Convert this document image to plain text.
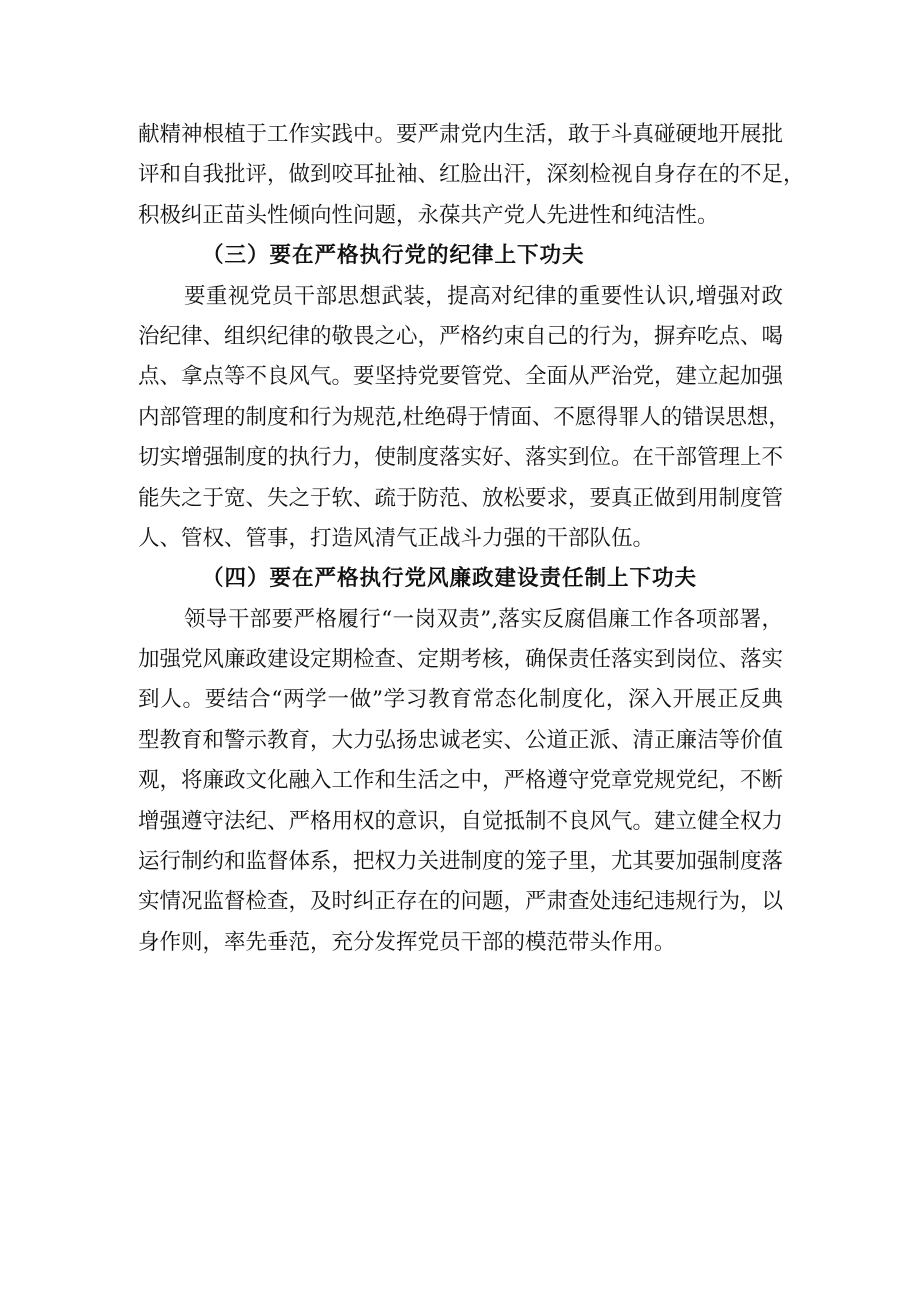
献精神根植于工作实践中。要严肃党内生活，敢于斗真碰硬地开展批
评和自我批评，做到咬耳扯袖、红脸出汗，深刻检视自身存在的不足，
积极纠正苗头性倾向性问题，永葆共产党人先进性和纯洁性。
（三）要在严格执行党的纪律上下功夫
要重视党员干部思想武装，提高对纪律的重要性认识,增强对政
治纪律、组织纪律的敬畏之心，严格约束自己的行为，摒弃吃点、喝
点、拿点等不良风气。要坚持党要管党、全面从严治党，建立起加强
内部管理的制度和行为规范,杜绝碍于情面、不愿得罪人的错误思想，
切实增强制度的执行力，使制度落实好、落实到位。在干部管理上不
能失之于宽、失之于软、疏于防范、放松要求，要真正做到用制度管
人、管权、管事，打造风清气正战斗力强的干部队伍。
（四）要在严格执行党风廉政建设责任制上下功夫
领导干部要严格履行“一岗双责”,落实反腐倡廉工作各项部署，
加强党风廉政建设定期检查、定期考核，确保责任落实到岗位、落实
到人。要结合“两学一做”学习教育常态化制度化，深入开展正反典
型教育和警示教育，大力弘扬忠诚老实、公道正派、清正廉洁等价值
观，将廉政文化融入工作和生活之中，严格遵守党章党规党纪，不断
增强遵守法纪、严格用权的意识，自觉抵制不良风气。建立健全权力
运行制约和监督体系，把权力关进制度的笼子里，尤其要加强制度落
实情况监督检查，及时纠正存在的问题，严肃查处违纪违规行为，以
身作则，率先垂范，充分发挥党员干部的模范带头作用。
